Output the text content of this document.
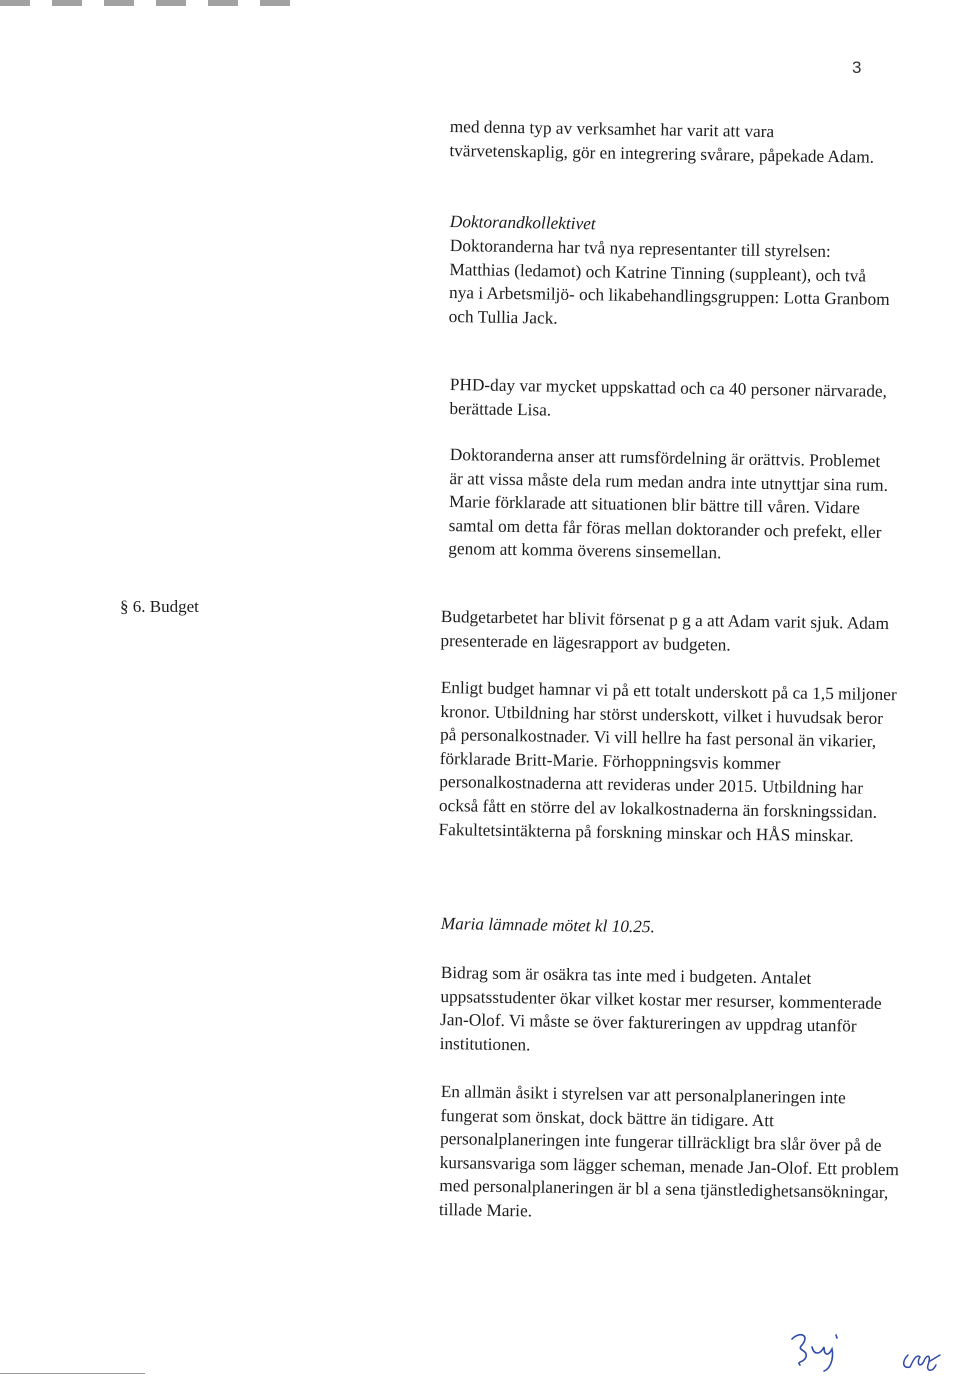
3

med denna typ av verksamhet har varit att vara tvärvetenskaplig, gör en integrering svårare, påpekade Adam.

Doktorandkollektivet

Doktoranderna har två nya representanter till styrelsen: Matthias (ledamot) och Katrine Tinning (suppleant), och två nya i Arbetsmiljö- och likabehandlingsgruppen: Lotta Granbom och Tullia Jack.

PHD-day var mycket uppskattad och ca 40 personer närvarade, berättade Lisa.

Doktoranderna anser att rumsfördelning är orättvis. Problemet är att vissa måste dela rum medan andra inte utnyttjar sina rum. Marie förklarade att situationen blir bättre till våren. Vidare samtal om detta får föras mellan doktorander och prefekt, eller genom att komma överens sinsemellan.

§ 6. Budget

Budgetarbetet har blivit försenat p g a att Adam varit sjuk. Adam presenterade en lägesrapport av budgeten.

Enligt budget hamnar vi på ett totalt underskott på ca 1,5 miljoner kronor. Utbildning har störst underskott, vilket i huvudsak beror på personalkostnader. Vi vill hellre ha fast personal än vikarier, förklarade Britt-Marie. Förhoppningsvis kommer personalkostnaderna att revideras under 2015. Utbildning har också fått en större del av lokalkostnaderna än forskningssidan. Fakultetsintäkterna på forskning minskar och HÅS minskar.

Maria lämnade mötet kl 10.25.

Bidrag som är osäkra tas inte med i budgeten. Antalet uppsatsstudenter ökar vilket kostar mer resurser, kommenterade Jan-Olof. Vi måste se över faktureringen av uppdrag utanför institutionen.

En allmän åsikt i styrelsen var att personalplaneringen inte fungerat som önskat, dock bättre än tidigare. Att personalplaneringen inte fungerar tillräckligt bra slår över på de kursansvariga som lägger scheman, menade Jan-Olof. Ett problem med personalplaneringen är bl a sena tjänstledighetsansökningar, tillade Marie.
